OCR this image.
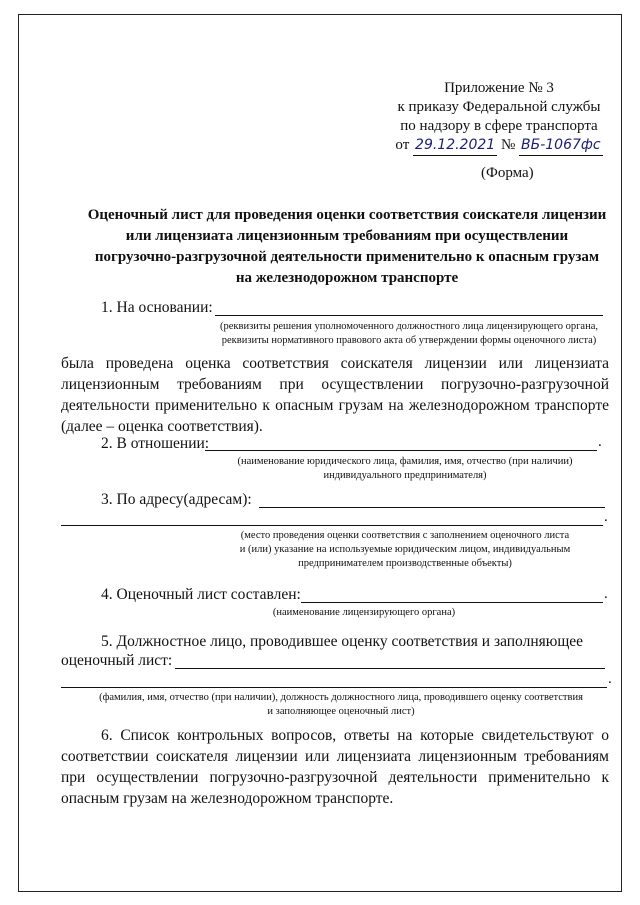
Приложение № 3
к приказу Федеральной службы
по надзору в сфере транспорта
от 29.12.2021 № ВБ-1067фс
(Форма)
Оценочный лист для проведения оценки соответствия соискателя лицензии
или лицензиата лицензионным требованиям при осуществлении
погрузочно-разгрузочной деятельности применительно к опасным грузам
на железнодорожном транспорте
1. На основании:
(реквизиты решения уполномоченного должностного лица лицензирующего органа,
реквизиты нормативного правового акта об утверждении формы оценочного листа)
была проведена оценка соответствия соискателя лицензии или лицензиата лицензионным требованиям при осуществлении погрузочно-разгрузочной деятельности применительно к опасным грузам на железнодорожном транспорте (далее – оценка соответствия).
2. В отношении:	.
(наименование юридического лица, фамилия, имя, отчество (при наличии)
индивидуального предпринимателя)
3. По адресу(адресам):
.
(место проведения оценки соответствия с заполнением оценочного листа
и (или) указание на используемые юридическим лицом, индивидуальным
предпринимателем производственные объекты)
4. Оценочный лист составлен:	.
(наименование лицензирующего органа)
5. Должностное лицо, проводившее оценку соответствия и заполняющее
оценочный лист:
.
(фамилия, имя, отчество (при наличии), должность должностного лица, проводившего оценку соответствия
и заполняющее оценочный лист)
6. Список контрольных вопросов, ответы на которые свидетельствуют о соответствии соискателя лицензии или лицензиата лицензионным требованиям при осуществлении погрузочно-разгрузочной деятельности применительно к опасным грузам на железнодорожном транспорте.
